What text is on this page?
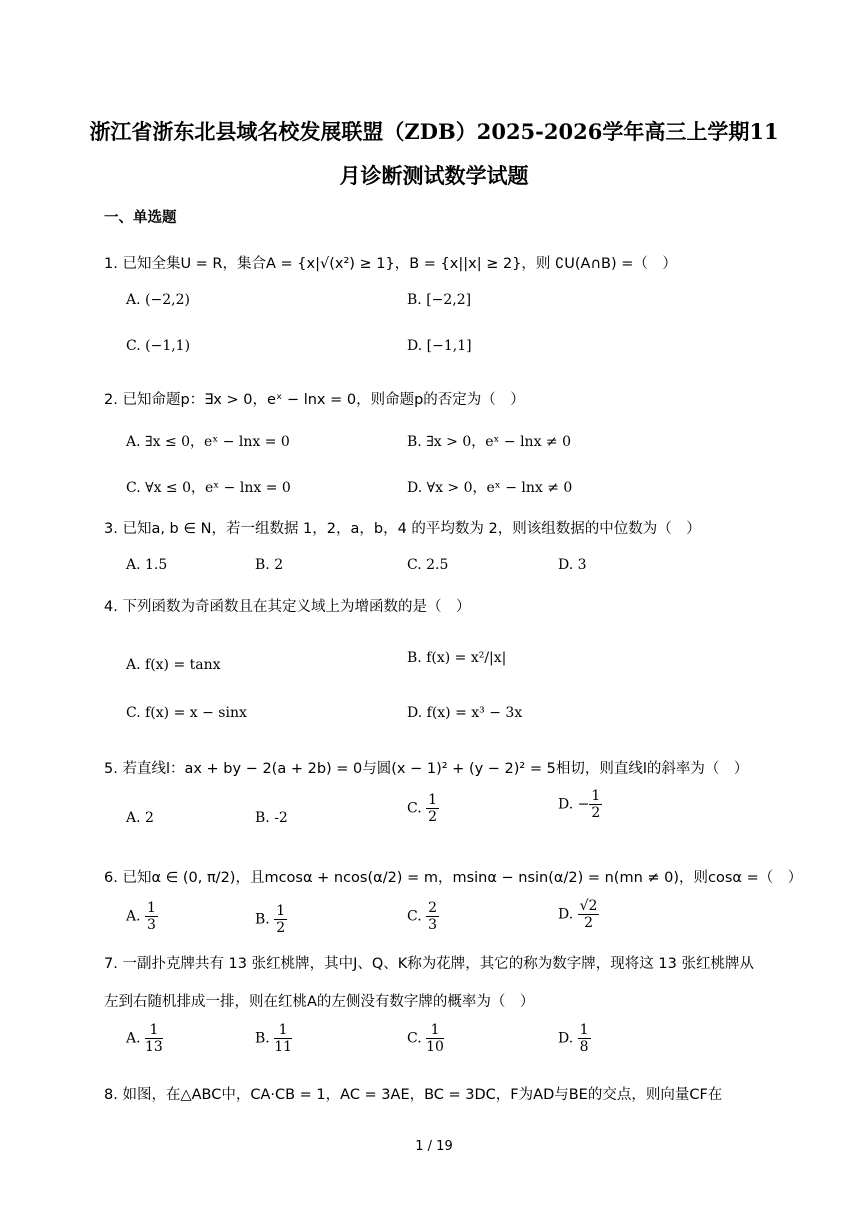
浙江省浙东北县域名校发展联盟（ZDB）2025-2026学年高三上学期11
月诊断测试数学试题
一、单选题
1. 已知全集U = R，集合A = {x|√(x²) ≥ 1}，B = {x||x| ≥ 2}，则 ∁U(A∩B) =（　）
A. (−2,2)	B. [−2,2]
C. (−1,1)	D. [−1,1]
2. 已知命题p：∃x > 0，eˣ − lnx = 0，则命题p的否定为（　）
A. ∃x ≤ 0，eˣ − lnx = 0	B. ∃x > 0，eˣ − lnx ≠ 0
C. ∀x ≤ 0，eˣ − lnx = 0	D. ∀x > 0，eˣ − lnx ≠ 0
3. 已知a, b ∈ N，若一组数据 1，2，a，b，4 的平均数为 2，则该组数据的中位数为（　）
A. 1.5	B. 2	C. 2.5	D. 3
4. 下列函数为奇函数且在其定义域上为增函数的是（　）
A. f(x) = tanx	B. f(x) = x²/|x|
C. f(x) = x − sinx	D. f(x) = x³ − 3x
5. 若直线l：ax + by − 2(a + 2b) = 0与圆(x − 1)² + (y − 2)² = 5相切，则直线l的斜率为（　）
A. 2	B. -2
C. $\frac{1}{2}$	D. − $\frac{1}{2}$
6. 已知α ∈ (0, π/2)，且mcosα + ncos(α/2) = m，msinα − nsin(α/2) = n(mn ≠ 0)，则cosα =（　）
A. $\frac{1}{3}$	B. $\frac{1}{2}$	C. $\frac{2}{3}$	D. $\frac{√2}{2}$
7. 一副扑克牌共有 13 张红桃牌，其中J、Q、K称为花牌，其它的称为数字牌，现将这 13 张红桃牌从
左到右随机排成一排，则在红桃A的左侧没有数字牌的概率为（　）
A. $\frac{1}{13}$	B. $\frac{1}{11}$	C. $\frac{1}{10}$	D. $\frac{1}{8}$
8. 如图，在△ABC中，CA·CB = 1，AC = 3AE，BC = 3DC，F为AD与BE的交点，则向量CF在
1 / 19
